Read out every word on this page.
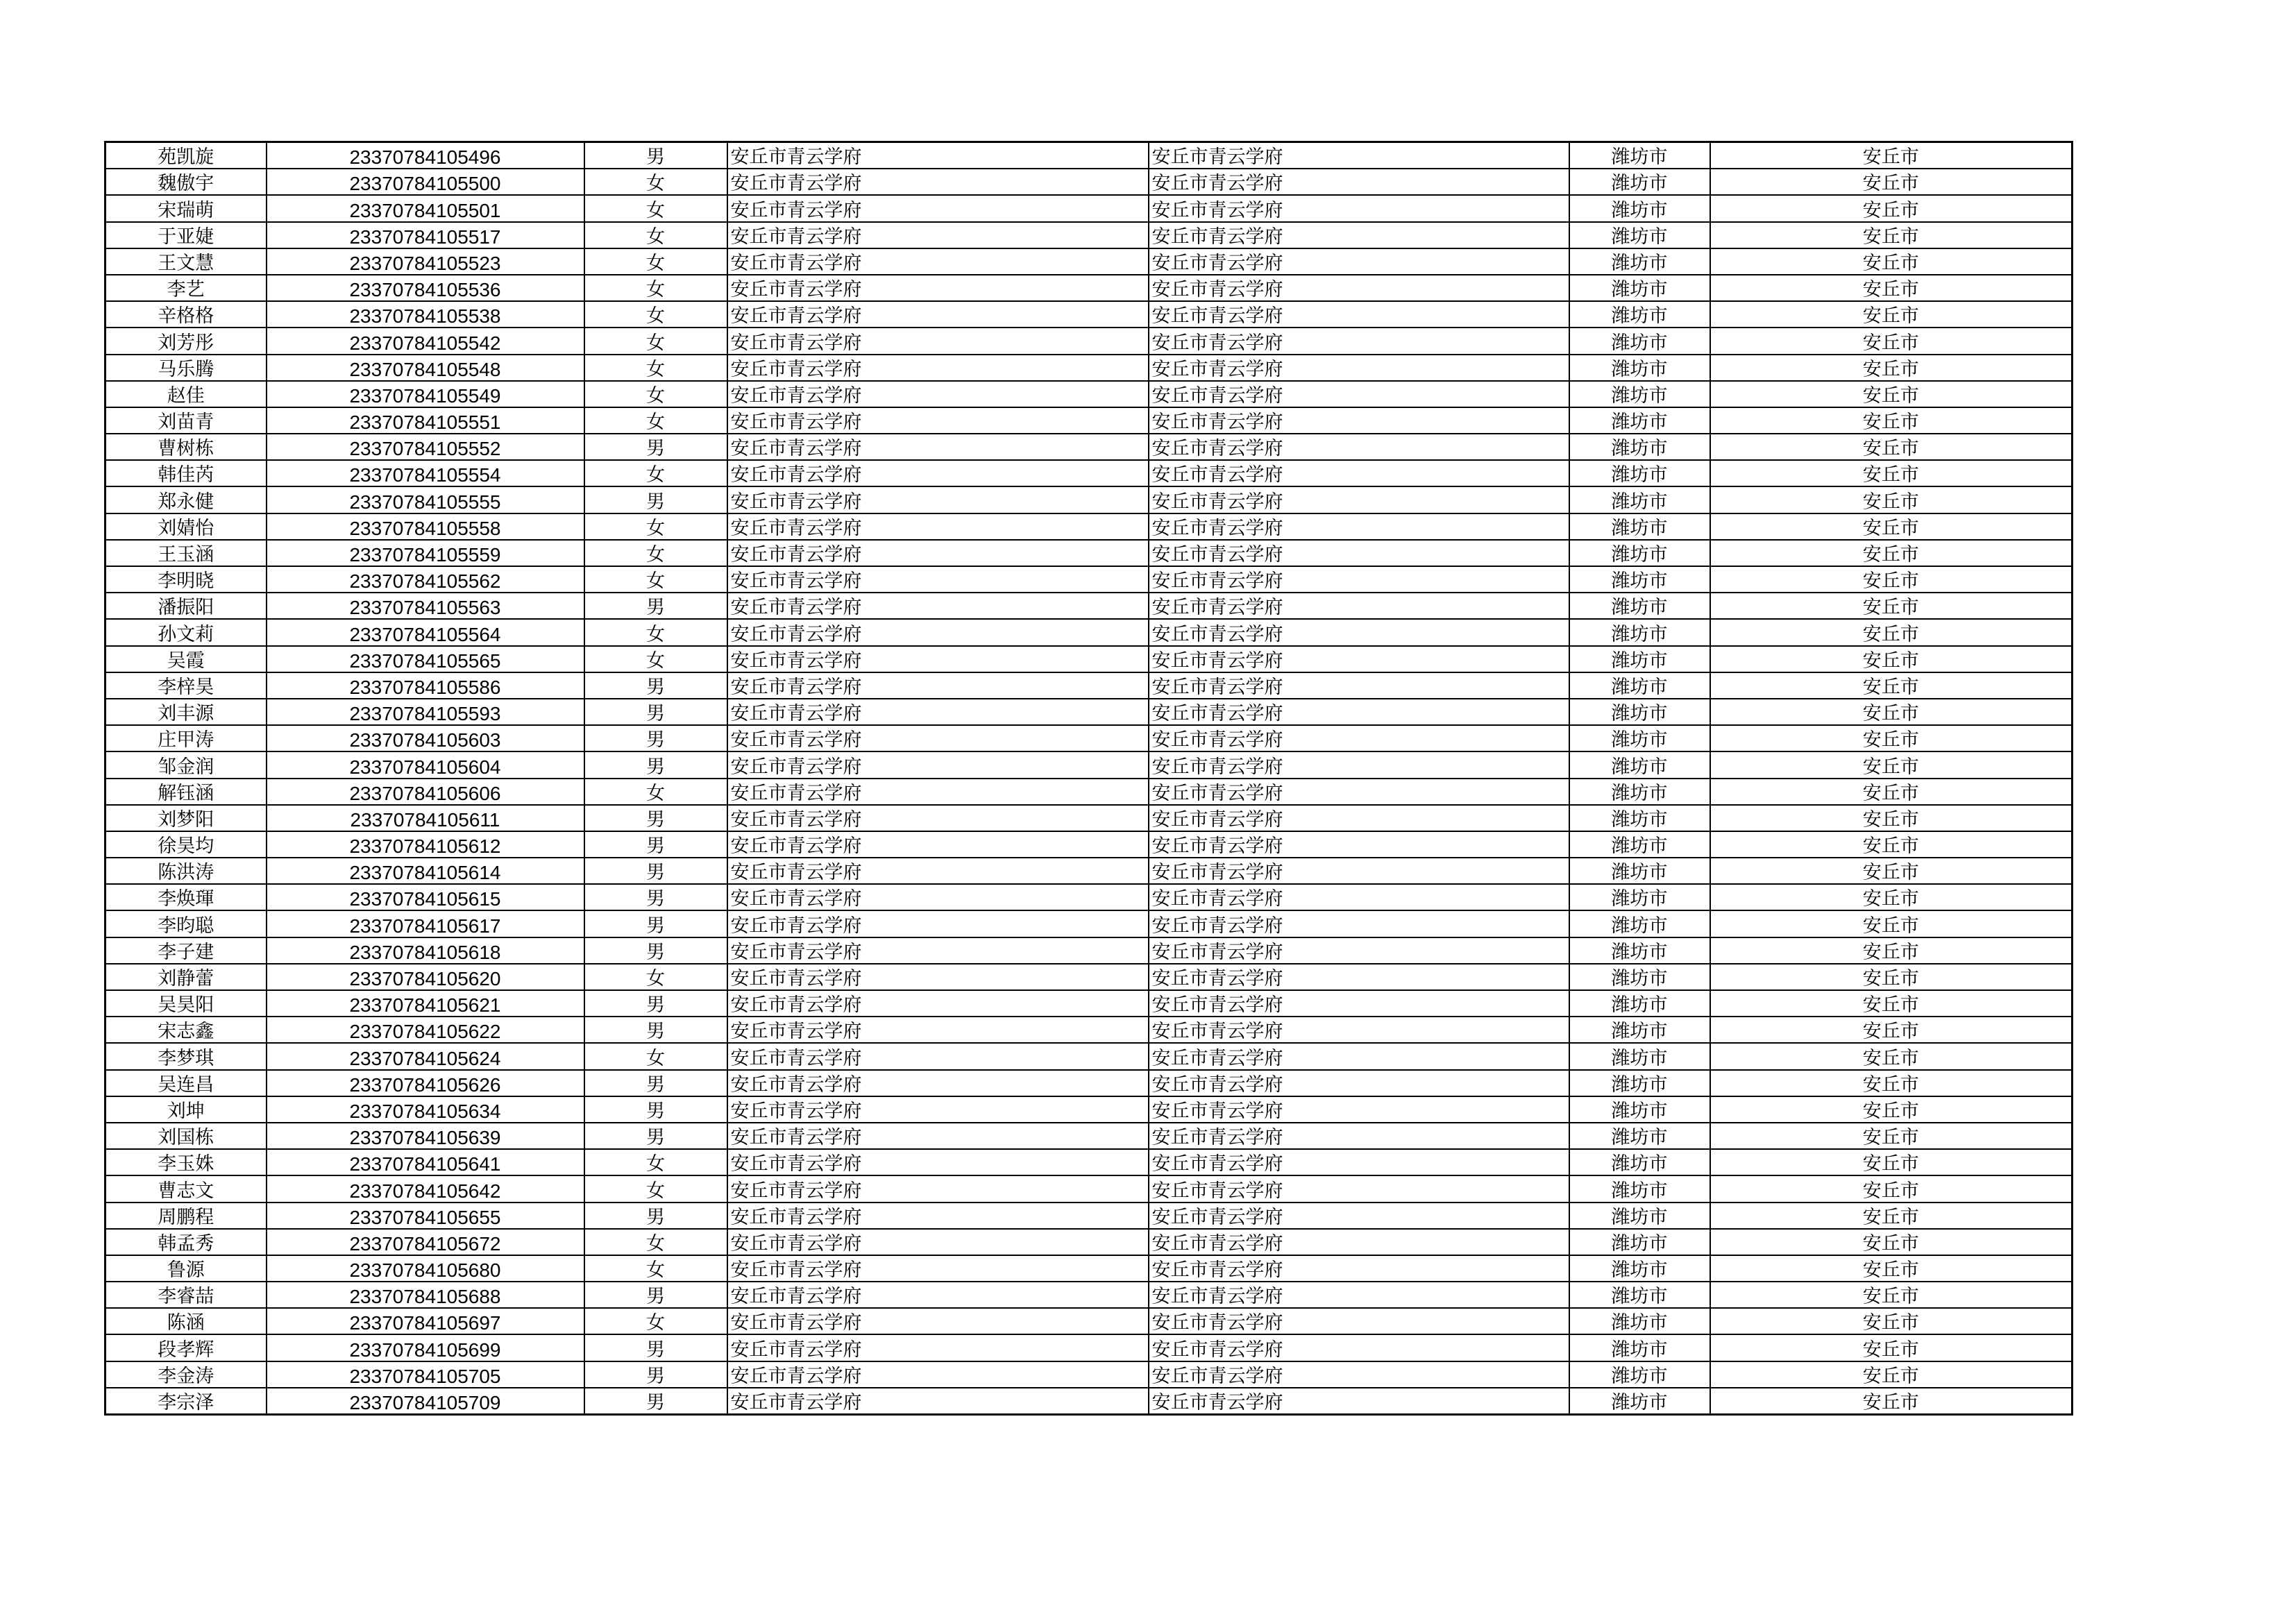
苑凯旋	23370784105496	男	安丘市青云学府	安丘市青云学府	潍坊市	安丘市
魏傲宇	23370784105500	女	安丘市青云学府	安丘市青云学府	潍坊市	安丘市
宋瑞萌	23370784105501	女	安丘市青云学府	安丘市青云学府	潍坊市	安丘市
于亚婕	23370784105517	女	安丘市青云学府	安丘市青云学府	潍坊市	安丘市
王文慧	23370784105523	女	安丘市青云学府	安丘市青云学府	潍坊市	安丘市
李艺	23370784105536	女	安丘市青云学府	安丘市青云学府	潍坊市	安丘市
辛格格	23370784105538	女	安丘市青云学府	安丘市青云学府	潍坊市	安丘市
刘芳彤	23370784105542	女	安丘市青云学府	安丘市青云学府	潍坊市	安丘市
马乐腾	23370784105548	女	安丘市青云学府	安丘市青云学府	潍坊市	安丘市
赵佳	23370784105549	女	安丘市青云学府	安丘市青云学府	潍坊市	安丘市
刘苗青	23370784105551	女	安丘市青云学府	安丘市青云学府	潍坊市	安丘市
曹树栋	23370784105552	男	安丘市青云学府	安丘市青云学府	潍坊市	安丘市
韩佳芮	23370784105554	女	安丘市青云学府	安丘市青云学府	潍坊市	安丘市
郑永健	23370784105555	男	安丘市青云学府	安丘市青云学府	潍坊市	安丘市
刘婧怡	23370784105558	女	安丘市青云学府	安丘市青云学府	潍坊市	安丘市
王玉涵	23370784105559	女	安丘市青云学府	安丘市青云学府	潍坊市	安丘市
李明晓	23370784105562	女	安丘市青云学府	安丘市青云学府	潍坊市	安丘市
潘振阳	23370784105563	男	安丘市青云学府	安丘市青云学府	潍坊市	安丘市
孙文莉	23370784105564	女	安丘市青云学府	安丘市青云学府	潍坊市	安丘市
吴霞	23370784105565	女	安丘市青云学府	安丘市青云学府	潍坊市	安丘市
李梓昊	23370784105586	男	安丘市青云学府	安丘市青云学府	潍坊市	安丘市
刘丰源	23370784105593	男	安丘市青云学府	安丘市青云学府	潍坊市	安丘市
庄甲涛	23370784105603	男	安丘市青云学府	安丘市青云学府	潍坊市	安丘市
邹金润	23370784105604	男	安丘市青云学府	安丘市青云学府	潍坊市	安丘市
解钰涵	23370784105606	女	安丘市青云学府	安丘市青云学府	潍坊市	安丘市
刘梦阳	23370784105611	男	安丘市青云学府	安丘市青云学府	潍坊市	安丘市
徐昊均	23370784105612	男	安丘市青云学府	安丘市青云学府	潍坊市	安丘市
陈洪涛	23370784105614	男	安丘市青云学府	安丘市青云学府	潍坊市	安丘市
李焕琿	23370784105615	男	安丘市青云学府	安丘市青云学府	潍坊市	安丘市
李昀聪	23370784105617	男	安丘市青云学府	安丘市青云学府	潍坊市	安丘市
李子建	23370784105618	男	安丘市青云学府	安丘市青云学府	潍坊市	安丘市
刘静蕾	23370784105620	女	安丘市青云学府	安丘市青云学府	潍坊市	安丘市
吴昊阳	23370784105621	男	安丘市青云学府	安丘市青云学府	潍坊市	安丘市
宋志鑫	23370784105622	男	安丘市青云学府	安丘市青云学府	潍坊市	安丘市
李梦琪	23370784105624	女	安丘市青云学府	安丘市青云学府	潍坊市	安丘市
吴连昌	23370784105626	男	安丘市青云学府	安丘市青云学府	潍坊市	安丘市
刘坤	23370784105634	男	安丘市青云学府	安丘市青云学府	潍坊市	安丘市
刘国栋	23370784105639	男	安丘市青云学府	安丘市青云学府	潍坊市	安丘市
李玉姝	23370784105641	女	安丘市青云学府	安丘市青云学府	潍坊市	安丘市
曹志文	23370784105642	女	安丘市青云学府	安丘市青云学府	潍坊市	安丘市
周鹏程	23370784105655	男	安丘市青云学府	安丘市青云学府	潍坊市	安丘市
韩孟秀	23370784105672	女	安丘市青云学府	安丘市青云学府	潍坊市	安丘市
鲁源	23370784105680	女	安丘市青云学府	安丘市青云学府	潍坊市	安丘市
李睿喆	23370784105688	男	安丘市青云学府	安丘市青云学府	潍坊市	安丘市
陈涵	23370784105697	女	安丘市青云学府	安丘市青云学府	潍坊市	安丘市
段孝辉	23370784105699	男	安丘市青云学府	安丘市青云学府	潍坊市	安丘市
李金涛	23370784105705	男	安丘市青云学府	安丘市青云学府	潍坊市	安丘市
李宗泽	23370784105709	男	安丘市青云学府	安丘市青云学府	潍坊市	安丘市
